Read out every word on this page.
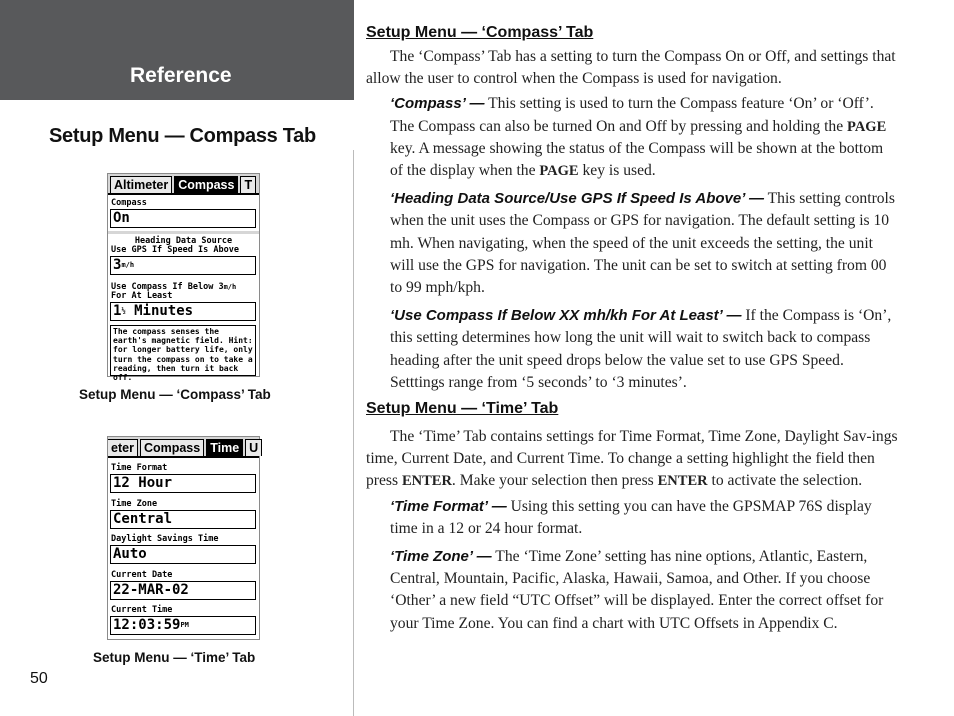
Reference
Setup Menu — Compass Tab
Altimeter Compass T
Compass
On
Heading Data Source
Use GPS If Speed Is Above
$3^{m/h}$
Use Compass If Below $3^{m/h}$
For At Least
$1^{\frac{1}{2}}$ Minutes
The compass senses the earth's magnetic field. Hint: for longer battery life, only turn the compass on to take a reading, then turn it back off.
Setup Menu — ‘Compass’ Tab
eter Compass Time U
Time Format
12 Hour
Time Zone
Central
Daylight Savings Time
Auto
Current Date
22-MAR-02
Current Time
$12:03:59^{PM}$
Setup Menu — ‘Time’ Tab
50
Setup Menu — ‘Compass’ Tab

The ‘Compass’ Tab has a setting to turn the Compass On or Off, and settings that allow the user to control when the Compass is used for navigation.

‘Compass’ — This setting is used to turn the Compass feature ‘On’ or ‘Off’. The Compass can also be turned On and Off by pressing and holding the PAGE key. A message showing the status of the Compass will be shown at the bottom of the display when the PAGE key is used.

‘Heading Data Source/Use GPS If Speed Is Above’ — This setting controls when the unit uses the Compass or GPS for navigation. The default setting is 10 mh. When navigating, when the speed of the unit exceeds the setting, the unit will use the GPS for navigation. The unit can be set to switch at setting from 00 to 99 mph/kph.

‘Use Compass If Below XX mh/kh For At Least’ — If the Compass is ‘On’, this setting determines how long the unit will wait to switch back to compass heading after the unit speed drops below the value set to use GPS Speed. Setttings range from ‘5 seconds’ to ‘3 minutes’.

Setup Menu — ‘Time’ Tab

The ‘Time’ Tab contains settings for Time Format, Time Zone, Daylight Sav-ings time, Current Date, and Current Time. To change a setting highlight the field then press ENTER. Make your selection then press ENTER to activate the selection.

‘Time Format’ — Using this setting you can have the GPSMAP 76S display time in a 12 or 24 hour format.

‘Time Zone’ — The ‘Time Zone’ setting has nine options, Atlantic, Eastern, Central, Mountain, Pacific, Alaska, Hawaii, Samoa, and Other. If you choose ‘Other’ a new field “UTC Offset” will be displayed. Enter the correct offset for your Time Zone. You can find a chart with UTC Offsets in Appendix C.
